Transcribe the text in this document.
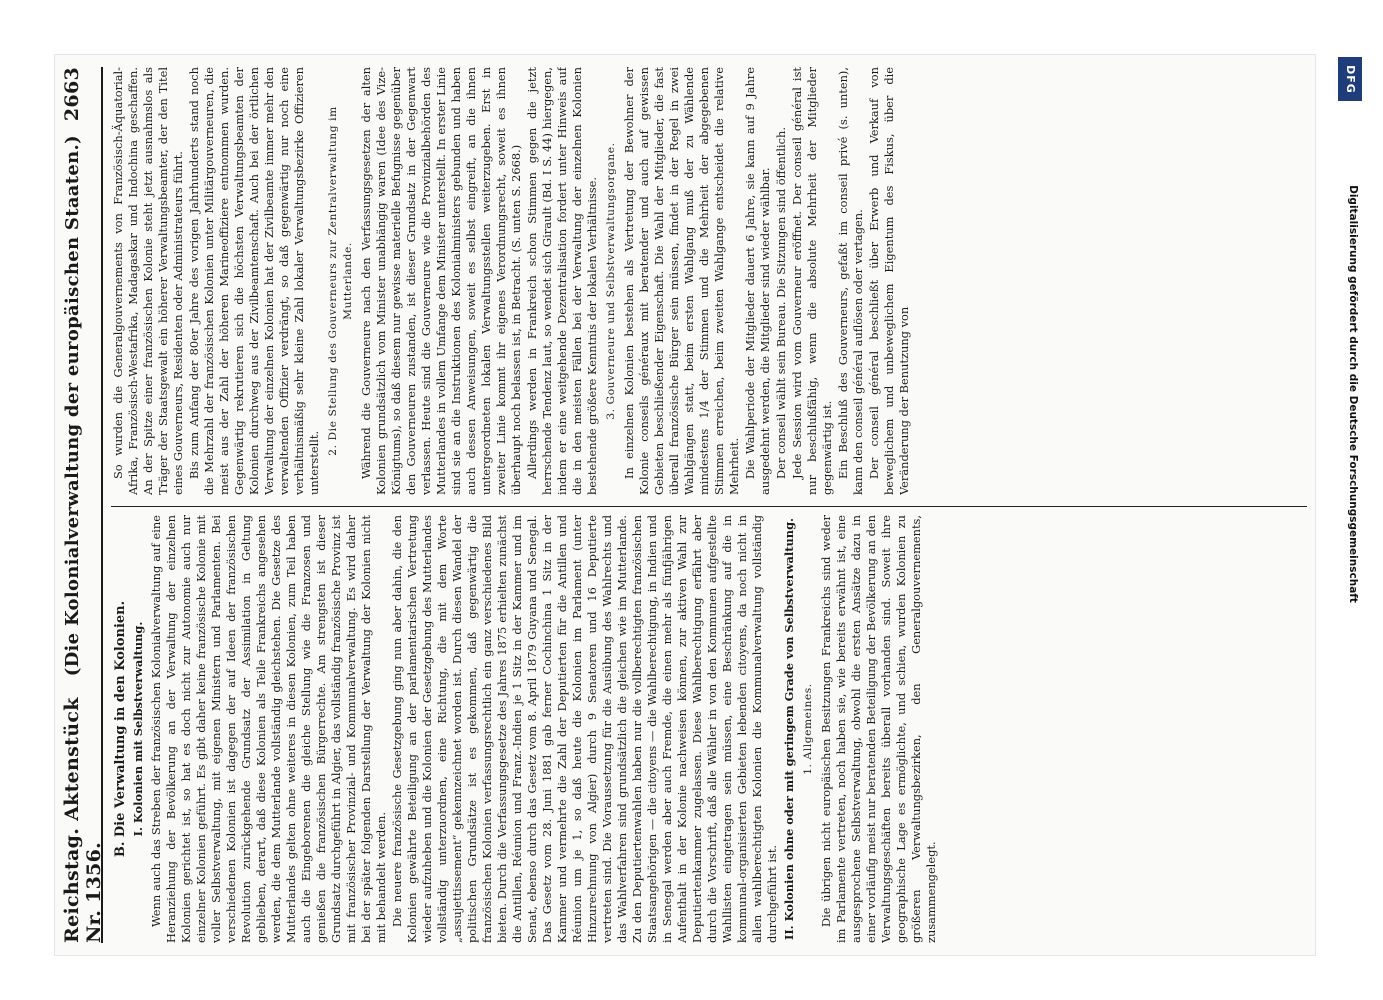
Reichstag. Aktenstück Nr. 1356.
(Die Kolonialverwaltung der europäischen Staaten.)
2663
B. Die Verwaltung in den Kolonien. I. Kolonien mit Selbstverwaltung. Wenn auch das Streben der französischen Kolonialverwaltung auf eine Heranziehung der Bevölkerung an der Verwaltung der einzelnen Kolonien gerichtet ist, so hat es doch nicht zur Autonomie auch nur einzelner Kolonien geführt. Es gibt daher keine französische Kolonie mit voller Selbstverwaltung, mit eigenen Ministern und Parlamenten. Bei verschiedenen Kolonien ist dagegen der auf Ideen der französischen Revolution zurückgehende Grundsatz der Assimilation in Geltung geblieben, derart, daß diese Kolonien als Teile Frankreichs angesehen werden, die dem Mutterlande vollständig gleichstehen. Die Gesetze des Mutterlandes gelten ohne weiteres in diesen Kolonien, zum Teil haben auch die Eingeborenen die gleiche Stellung wie die Franzosen und genießen die französischen Bürgerrechte. Am strengsten ist dieser Grundsatz durchgeführt in Algier, das vollständig französische Provinz ist mit französischer Provinzial- und Kommunalverwaltung. Es wird daher bei der später folgenden Darstellung der Verwaltung der Kolonien nicht mit behandelt werden. Die neuere französische Gesetzgebung ging nun aber dahin, die den Kolonien gewährte Beteiligung an der parlamentarischen Vertretung wieder aufzuheben und die Kolonien der Gesetzgebung des Mutterlandes vollständig unterzuordnen, eine Richtung, die mit dem Worte „assujettissement“ gekennzeichnet worden ist. Durch diesen Wandel der politischen Grundsätze ist es gekommen, daß gegenwärtig die französischen Kolonien verfassungsrechtlich ein ganz verschiedenes Bild bieten. Durch die Verfassungsgesetze des Jahres 1875 erhielten zunächst die Antillen, Réunion und Franz.-Indien je 1 Sitz in der Kammer und im Senat, ebenso durch das Gesetz vom 8. April 1879 Guyana und Senegal. Das Gesetz vom 28. Juni 1881 gab ferner Cochinchina 1 Sitz in der Kammer und vermehrte die Zahl der Deputierten für die Antillen und Réunion um je 1, so daß heute die Kolonien im Parlament (unter Hinzurechnung von Algier) durch 9 Senatoren und 16 Deputierte vertreten sind. Die Voraussetzung für die Ausübung des Wahlrechts und das Wahlverfahren sind grundsätzlich die gleichen wie im Mutterlande. Zu den Deputiertenwahlen haben nur die vollberechtigten französischen Staatsangehörigen — die citoyens — die Wahlberechtigung, in Indien und in Senegal werden aber auch Fremde, die einen mehr als fünfjährigen Aufenthalt in der Kolonie nachweisen können, zur aktiven Wahl zur Deputiertenkammer zugelassen. Diese Wahlberechtigung erfährt aber durch die Vorschrift, daß alle Wähler in von den Kommunen aufgestellte Wahllisten eingetragen sein müssen, eine Beschränkung auf die in kommunal-organisierten Gebieten lebenden citoyens, da noch nicht in allen wahlberechtigten Kolonien die Kommunalverwaltung vollständig durchgeführt ist. II. Kolonien ohne oder mit geringem Grade von Selbstverwaltung. 1. Allgemeines. Die übrigen nicht europäischen Besitzungen Frankreichs sind weder im Parlamente vertreten, noch haben sie, wie bereits erwähnt ist, eine ausgesprochene Selbstverwaltung, obwohl die ersten Ansätze dazu in einer vorläufig meist nur beratenden Beteiligung der Bevölkerung an den Verwaltungsgeschäften bereits überall vorhanden sind. Soweit ihre geographische Lage es ermöglichte, und schien, wurden Kolonien zu größeren Verwaltungsbezirken, den Generalgouvernements, zusammengelegt.

So wurden die Generalgouvernements von Französisch-Äquatorial-Afrika, Französisch-Westafrika, Madagaskar und Indochina geschaffen. An der Spitze einer französischen Kolonie steht jetzt ausnahmslos als Träger der Staatsgewalt ein höherer Verwaltungsbeamter, der den Titel eines Gouverneurs, Residenten oder Administrateurs führt. Bis zum Anfang der 80er Jahre des vorigen Jahrhunderts stand noch die Mehrzahl der französischen Kolonien unter Militärgouverneuren, die meist aus der Zahl der höheren Marineoffiziere entnommen wurden. Gegenwärtig rekrutieren sich die höchsten Verwaltungsbeamten der Kolonien durchweg aus der Zivilbeamtenschaft. Auch bei der örtlichen Verwaltung der einzelnen Kolonien hat der Zivilbeamte immer mehr den verwaltenden Offizier verdrängt, so daß gegenwärtig nur noch eine verhältnismäßig sehr kleine Zahl lokaler Verwaltungsbezirke Offizieren unterstellt.

2. Die Stellung des Gouverneurs zur Zentralverwaltung im Mutterlande. Während die Gouverneure nach den Verfassungsgesetzen der alten Kolonien grundsätzlich vom Minister unabhängig waren (Idee des Vize-Königtums), so daß diesem nur gewisse materielle Befugnisse gegenüber den Gouverneuren zustanden, ist dieser Grundsatz in der Gegenwart verlassen. Heute sind die Gouverneure wie die Provinzialbehörden des Mutterlandes in vollem Umfange dem Minister unterstellt. In erster Linie sind sie an die Instruktionen des Kolonialministers gebunden und haben auch dessen Anweisungen, soweit es selbst eingreift, an die ihnen untergeordneten lokalen Verwaltungsstellen weiterzugeben. Erst in zweiter Linie kommt ihr eigenes Verordnungsrecht, soweit es ihnen überhaupt noch belassen ist, in Betracht. (S. unten S. 2668.) Allerdings werden in Frankreich schon Stimmen gegen die jetzt herrschende Tendenz laut, so wendet sich Girault (Bd. I S. 44) hiergegen, indem er eine weitgehende Dezentralisation fordert unter Hinweis auf die in den meisten Fällen bei der Verwaltung der einzelnen Kolonien bestehende größere Kenntnis der lokalen Verhältnisse. 3. Gouverneure und Selbstverwaltungsorgane. In einzelnen Kolonien bestehen als Vertretung der Bewohner der Kolonie conseils généraux mit beratender und auch auf gewissen Gebieten beschließender Eigenschaft. Die Wahl der Mitglieder, die fast überall französische Bürger sein müssen, findet in der Regel in zwei Wahlgängen statt, beim ersten Wahlgang muß der zu Wählende mindestens 1/4 der Stimmen und die Mehrheit der abgegebenen Stimmen erreichen, beim zweiten Wahlgange entscheidet die relative Mehrheit. Die Wahlperiode der Mitglieder dauert 6 Jahre, sie kann auf 9 Jahre ausgedehnt werden, die Mitglieder sind wieder wählbar. Der conseil wählt sein Bureau. Die Sitzungen sind öffentlich. Jede Session wird vom Gouverneur eröffnet. Der conseil général ist nur beschlußfähig, wenn die absolute Mehrheit der Mitglieder gegenwärtig ist. Ein Beschluß des Gouverneurs, gefaßt im conseil privé (s. unten), kann den conseil général auflösen oder vertagen. Der conseil général beschließt über Erwerb und Verkauf von beweglichem und unbeweglichem Eigentum des Fiskus, über die Veränderung der Benutzung von

DFG
Digitalisierung gefördert durch die Deutsche Forschungsgemeinschaft
